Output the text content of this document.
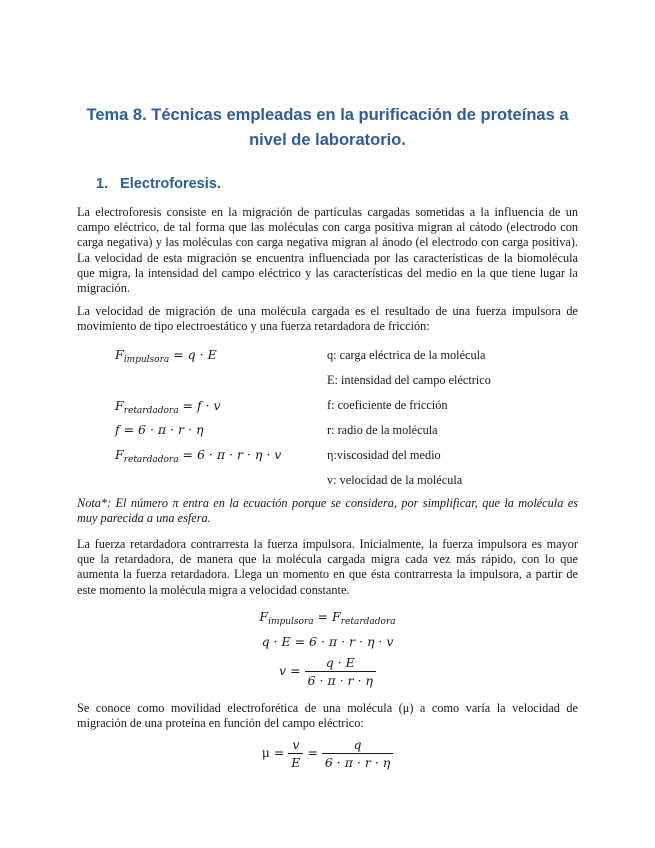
Tema 8. Técnicas empleadas en la purificación de proteínas a nivel de laboratorio.
1. Electroforesis.

La electroforesis consiste en la migración de partículas cargadas sometidas a la influencia de un campo eléctrico, de tal forma que las moléculas con carga positiva migran al cátodo (electrodo con carga negativa) y las moléculas con carga negativa migran al ánodo (el electrodo con carga positiva). La velocidad de esta migración se encuentra influenciada por las características de la biomolécula que migra, la intensidad del campo eléctrico y las características del medio en la que tiene lugar la migración.

La velocidad de migración de una molécula cargada es el resultado de una fuerza impulsora de movimiento de tipo electroestático y una fuerza retardadora de fricción:

$F_{impulsora} = q \cdot E$
$F_{retardadora} = f \cdot v$
f = 6 · π · r · η
$F_{retardadora} = 6 \cdot \pi \cdot r \cdot \eta \cdot v$
q: carga eléctrica de la molécula
E: intensidad del campo eléctrico
f: coeficiente de fricción
r: radio de la molécula
η:viscosidad del medio
v: velocidad de la molécula

Nota*: El número π entra en la ecuación porque se considera, por simplificar, que la molécula es muy parecida a una esfera.

La fuerza retardadora contrarresta la fuerza impulsora. Inicialmente, la fuerza impulsora es mayor que la retardadora, de manera que la molécula cargada migra cada vez más rápido, con lo que aumenta la fuerza retardadora. Llega un momento en que ésta contrarresta la impulsora, a partir de este momento la molécula migra a velocidad constante.

$F_{impulsora} = F_{retardadora}$
q · E = 6 · π · r · η · v
$v = \frac{q \cdot E}{6 \cdot \pi \cdot r \cdot \eta}$

Se conoce como movilidad electroforética de una molécula (μ) a como varía la velocidad de migración de una proteína en función del campo eléctrico:

$\mu = \frac{v}{E} = \frac{q}{6 \cdot \pi \cdot r \cdot \eta}$
